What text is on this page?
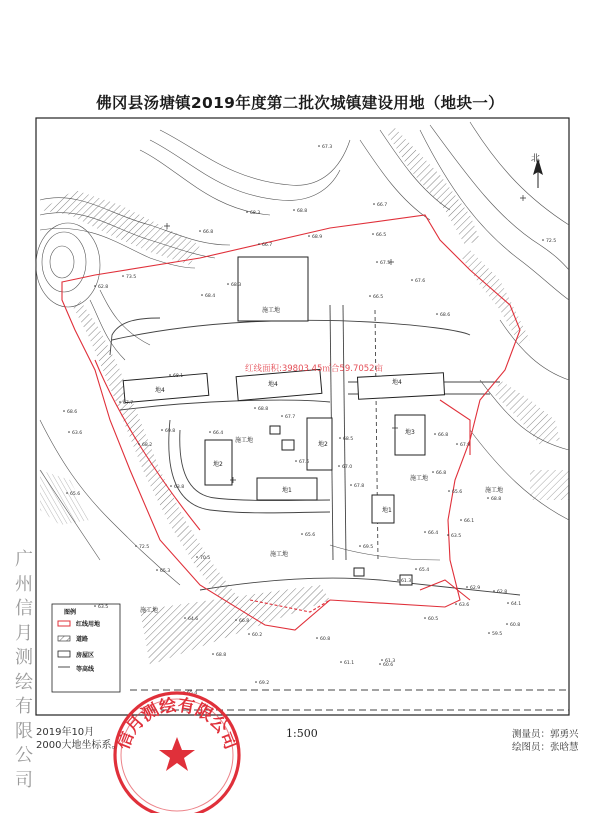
北
红线面积:39803.45㎡合59.7052亩
地4
地4	地4
地2
地3
地2
地1
地1
施工地
施工地
施工地
施工地
施工地
施工地
67.3
68.8
66.5
68.3
66.7
67.5
68.9
66.7
66.8
72.5
73.5
68.4
62.8	68.3
66.5
67.6
68.6
68.1
67.7
69.8
68.8
67.7
66.4
68.2
68.5
67.6
63.8
67.0
67.8
66.8
67.9
66.8
65.6
68.8
66.1
62.9
63.5
66.4
65.4
61.3
62.8
63.6	64.1
60.8
59.5
60.2
60.8
60.5
61.3
61.1	60.6
65.4
65.6
69.5
70.5
72.5
65.3
68.6
63.6
65.6
63.5
64.6	66.8
68.8
69.2
信月测绘有限公司
佛冈县汤塘镇2019年度第二批次城镇建设用地（地块一）
广
州
信
月
测
绘
有
限
公
司
图例
红线用地
道路
房屋区
等高线
2019年10月
2000大地坐标系。
1:500	测量员：郭勇兴
绘图员：张晗慧
